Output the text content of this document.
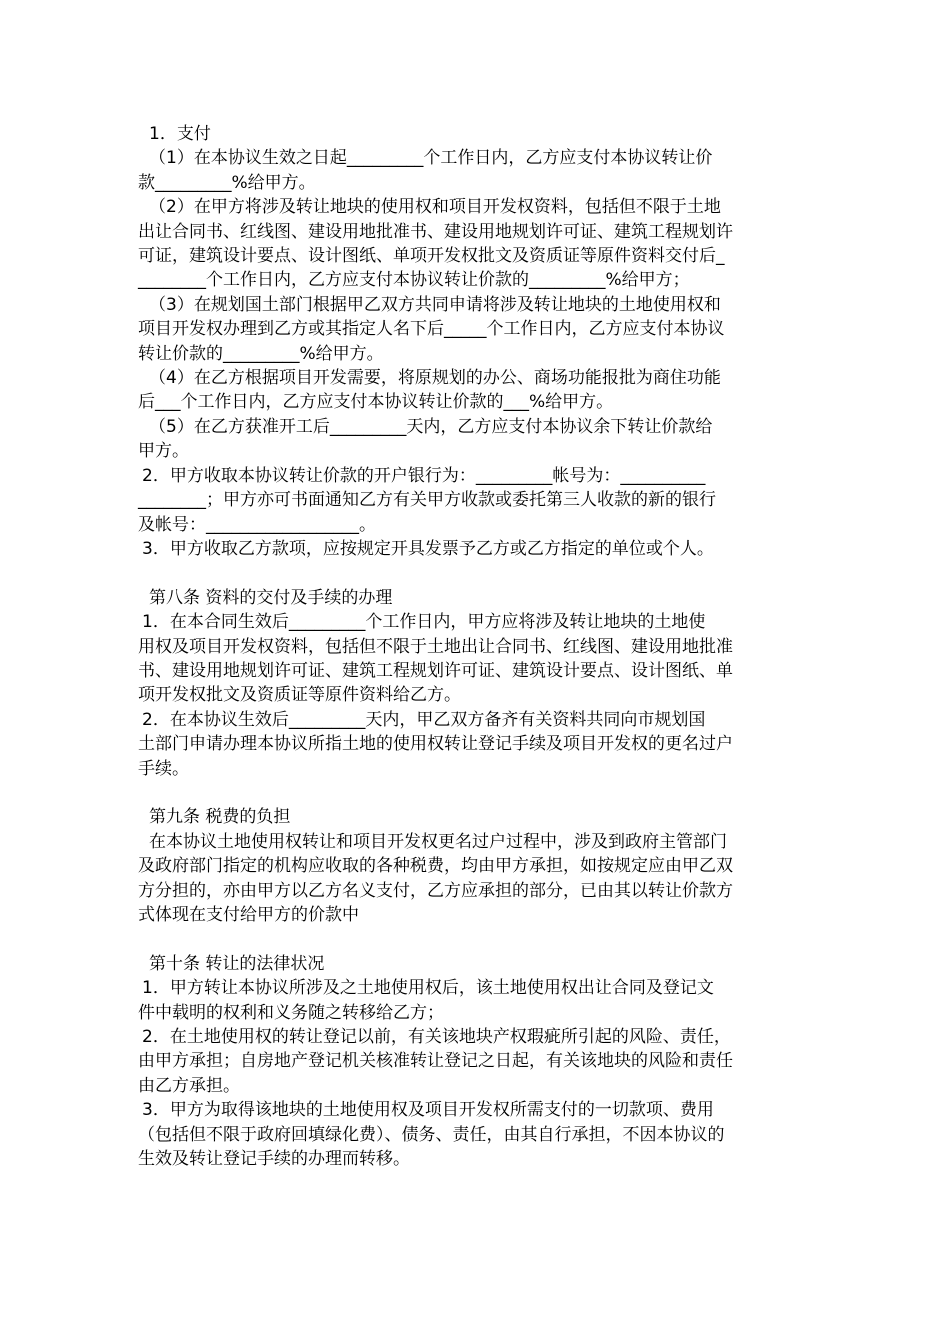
1．支付

（1）在本协议生效之日起_________个工作日内，乙方应支付本协议转让价

款_________%给甲方。

（2）在甲方将涉及转让地块的使用权和项目开发权资料，包括但不限于土地

出让合同书、红线图、建设用地批准书、建设用地规划许可证、建筑工程规划许

可证，建筑设计要点、设计图纸、单项开发权批文及资质证等原件资料交付后_

________个工作日内，乙方应支付本协议转让价款的_________%给甲方；

（3）在规划国土部门根据甲乙双方共同申请将涉及转让地块的土地使用权和

项目开发权办理到乙方或其指定人名下后_____个工作日内，乙方应支付本协议

转让价款的_________%给甲方。

（4）在乙方根据项目开发需要，将原规划的办公、商场功能报批为商住功能

后___个工作日内，乙方应支付本协议转让价款的___%给甲方。

（5）在乙方获准开工后_________天内，乙方应支付本协议余下转让价款给

甲方。

2．甲方收取本协议转让价款的开户银行为：_________帐号为：__________

________；甲方亦可书面通知乙方有关甲方收款或委托第三人收款的新的银行

及帐号：__________________。

3．甲方收取乙方款项，应按规定开具发票予乙方或乙方指定的单位或个人。

第八条 资料的交付及手续的办理

1．在本合同生效后_________个工作日内，甲方应将涉及转让地块的土地使

用权及项目开发权资料，包括但不限于土地出让合同书、红线图、建设用地批准

书、建设用地规划许可证、建筑工程规划许可证、建筑设计要点、设计图纸、单

项开发权批文及资质证等原件资料给乙方。

2．在本协议生效后_________天内，甲乙双方备齐有关资料共同向市规划国

土部门申请办理本协议所指土地的使用权转让登记手续及项目开发权的更名过户

手续。

第九条 税费的负担

在本协议土地使用权转让和项目开发权更名过户过程中，涉及到政府主管部门

及政府部门指定的机构应收取的各种税费，均由甲方承担，如按规定应由甲乙双

方分担的，亦由甲方以乙方名义支付，乙方应承担的部分，已由其以转让价款方

式体现在支付给甲方的价款中

第十条 转让的法律状况

1．甲方转让本协议所涉及之土地使用权后，该土地使用权出让合同及登记文

件中载明的权利和义务随之转移给乙方；

2．在土地使用权的转让登记以前，有关该地块产权瑕疵所引起的风险、责任，

由甲方承担；自房地产登记机关核准转让登记之日起，有关该地块的风险和责任

由乙方承担。

3．甲方为取得该地块的土地使用权及项目开发权所需支付的一切款项、费用

（包括但不限于政府回填绿化费）、债务、责任，由其自行承担，不因本协议的

生效及转让登记手续的办理而转移。
